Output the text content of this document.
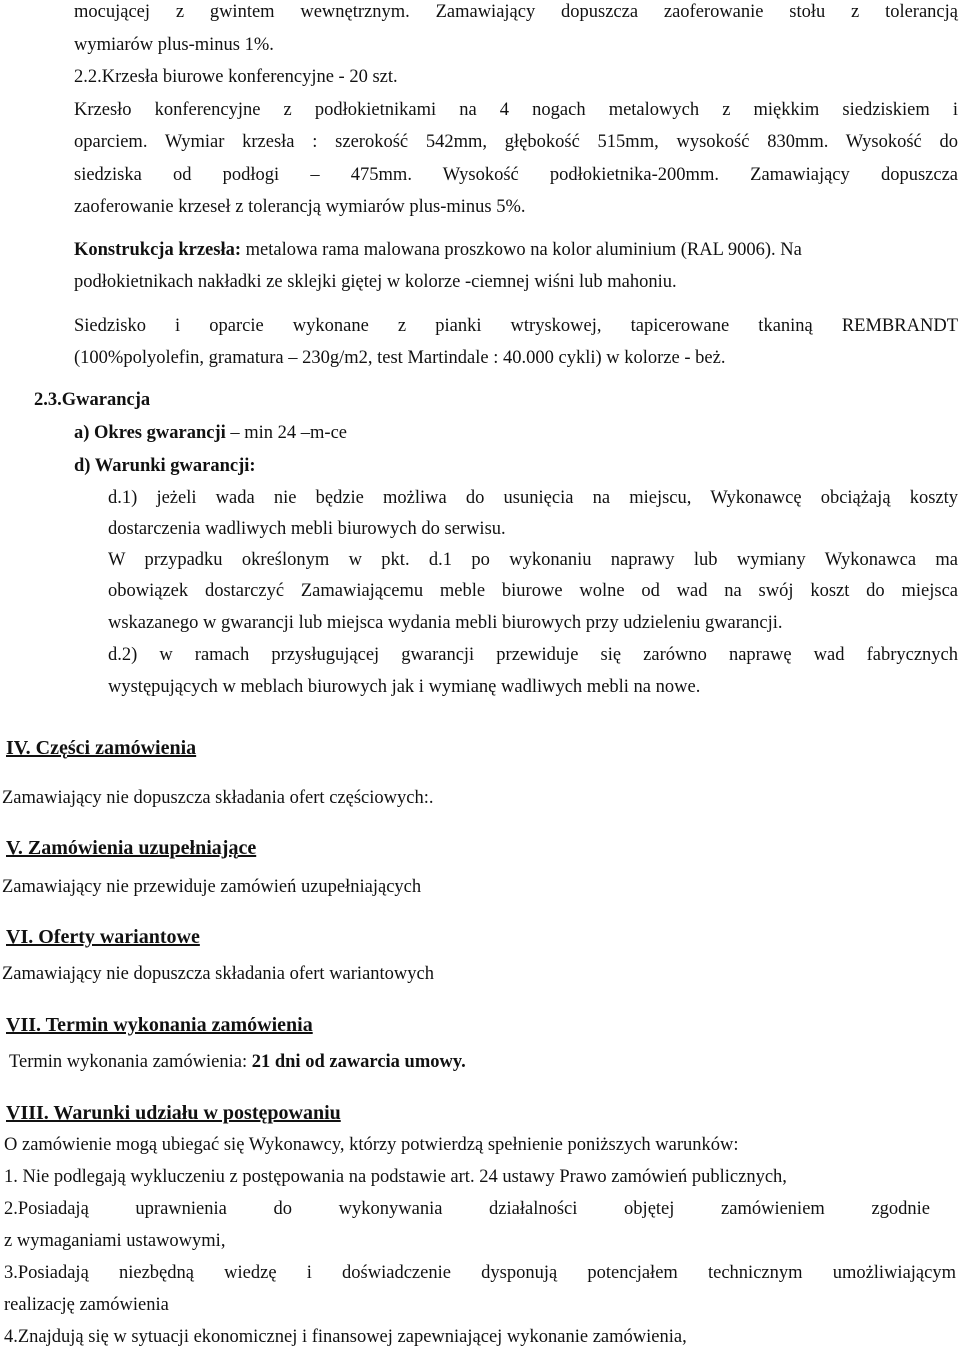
mocującej z gwintem wewnętrznym. Zamawiający dopuszcza zaoferowanie stołu z tolerancją
wymiarów plus-minus 1%.
2.2.Krzesła biurowe konferencyjne - 20 szt.
Krzesło konferencyjne z podłokietnikami na 4 nogach metalowych z miękkim siedziskiem i
oparciem. Wymiar krzesła : szerokość 542mm, głębokość 515mm, wysokość 830mm. Wysokość do
siedziska od podłogi – 475mm. Wysokość podłokietnika-200mm. Zamawiający dopuszcza
zaoferowanie krzeseł z tolerancją wymiarów plus-minus 5%.
Konstrukcja krzesła: metalowa rama malowana proszkowo na kolor aluminium (RAL 9006). Na
podłokietnikach nakładki ze sklejki giętej w kolorze -ciemnej wiśni lub mahoniu.
Siedzisko i oparcie wykonane z pianki wtryskowej, tapicerowane tkaniną REMBRANDT
(100%polyolefin, gramatura – 230g/m2, test Martindale : 40.000 cykli) w kolorze - beż.
2.3.Gwarancja
a) Okres gwarancji – min 24 –m-ce
d) Warunki gwarancji:
d.1) jeżeli wada nie będzie możliwa do usunięcia na miejscu, Wykonawcę obciążają koszty
dostarczenia wadliwych mebli biurowych do serwisu.
W przypadku określonym w pkt. d.1 po wykonaniu naprawy lub wymiany Wykonawca ma
obowiązek dostarczyć Zamawiającemu meble biurowe wolne od wad na swój koszt do miejsca
wskazanego w gwarancji lub miejsca wydania mebli biurowych przy udzieleniu gwarancji.
d.2) w ramach przysługującej gwarancji przewiduje się zarówno naprawę wad fabrycznych
występujących w meblach biurowych jak i wymianę wadliwych mebli na nowe.
IV. Części zamówienia
Zamawiający nie dopuszcza składania ofert częściowych:.
V. Zamówienia uzupełniające
Zamawiający nie przewiduje zamówień uzupełniających
VI. Oferty wariantowe
Zamawiający nie dopuszcza składania ofert wariantowych
VII. Termin wykonania zamówienia
Termin wykonania zamówienia: 21 dni od zawarcia umowy.
VIII. Warunki udziału w postępowaniu
O zamówienie mogą ubiegać się Wykonawcy, którzy potwierdzą spełnienie poniższych warunków:
1. Nie podlegają wykluczeniu z postępowania na podstawie art. 24 ustawy Prawo zamówień publicznych,
2.Posiadają uprawnienia do wykonywania działalności objętej zamówieniem zgodnie
z wymaganiami ustawowymi,
3.Posiadają niezbędną wiedzę i doświadczenie dysponują potencjałem technicznym umożliwiającym
realizację zamówienia
4.Znajdują się w sytuacji ekonomicznej i finansowej zapewniającej wykonanie zamówienia,
